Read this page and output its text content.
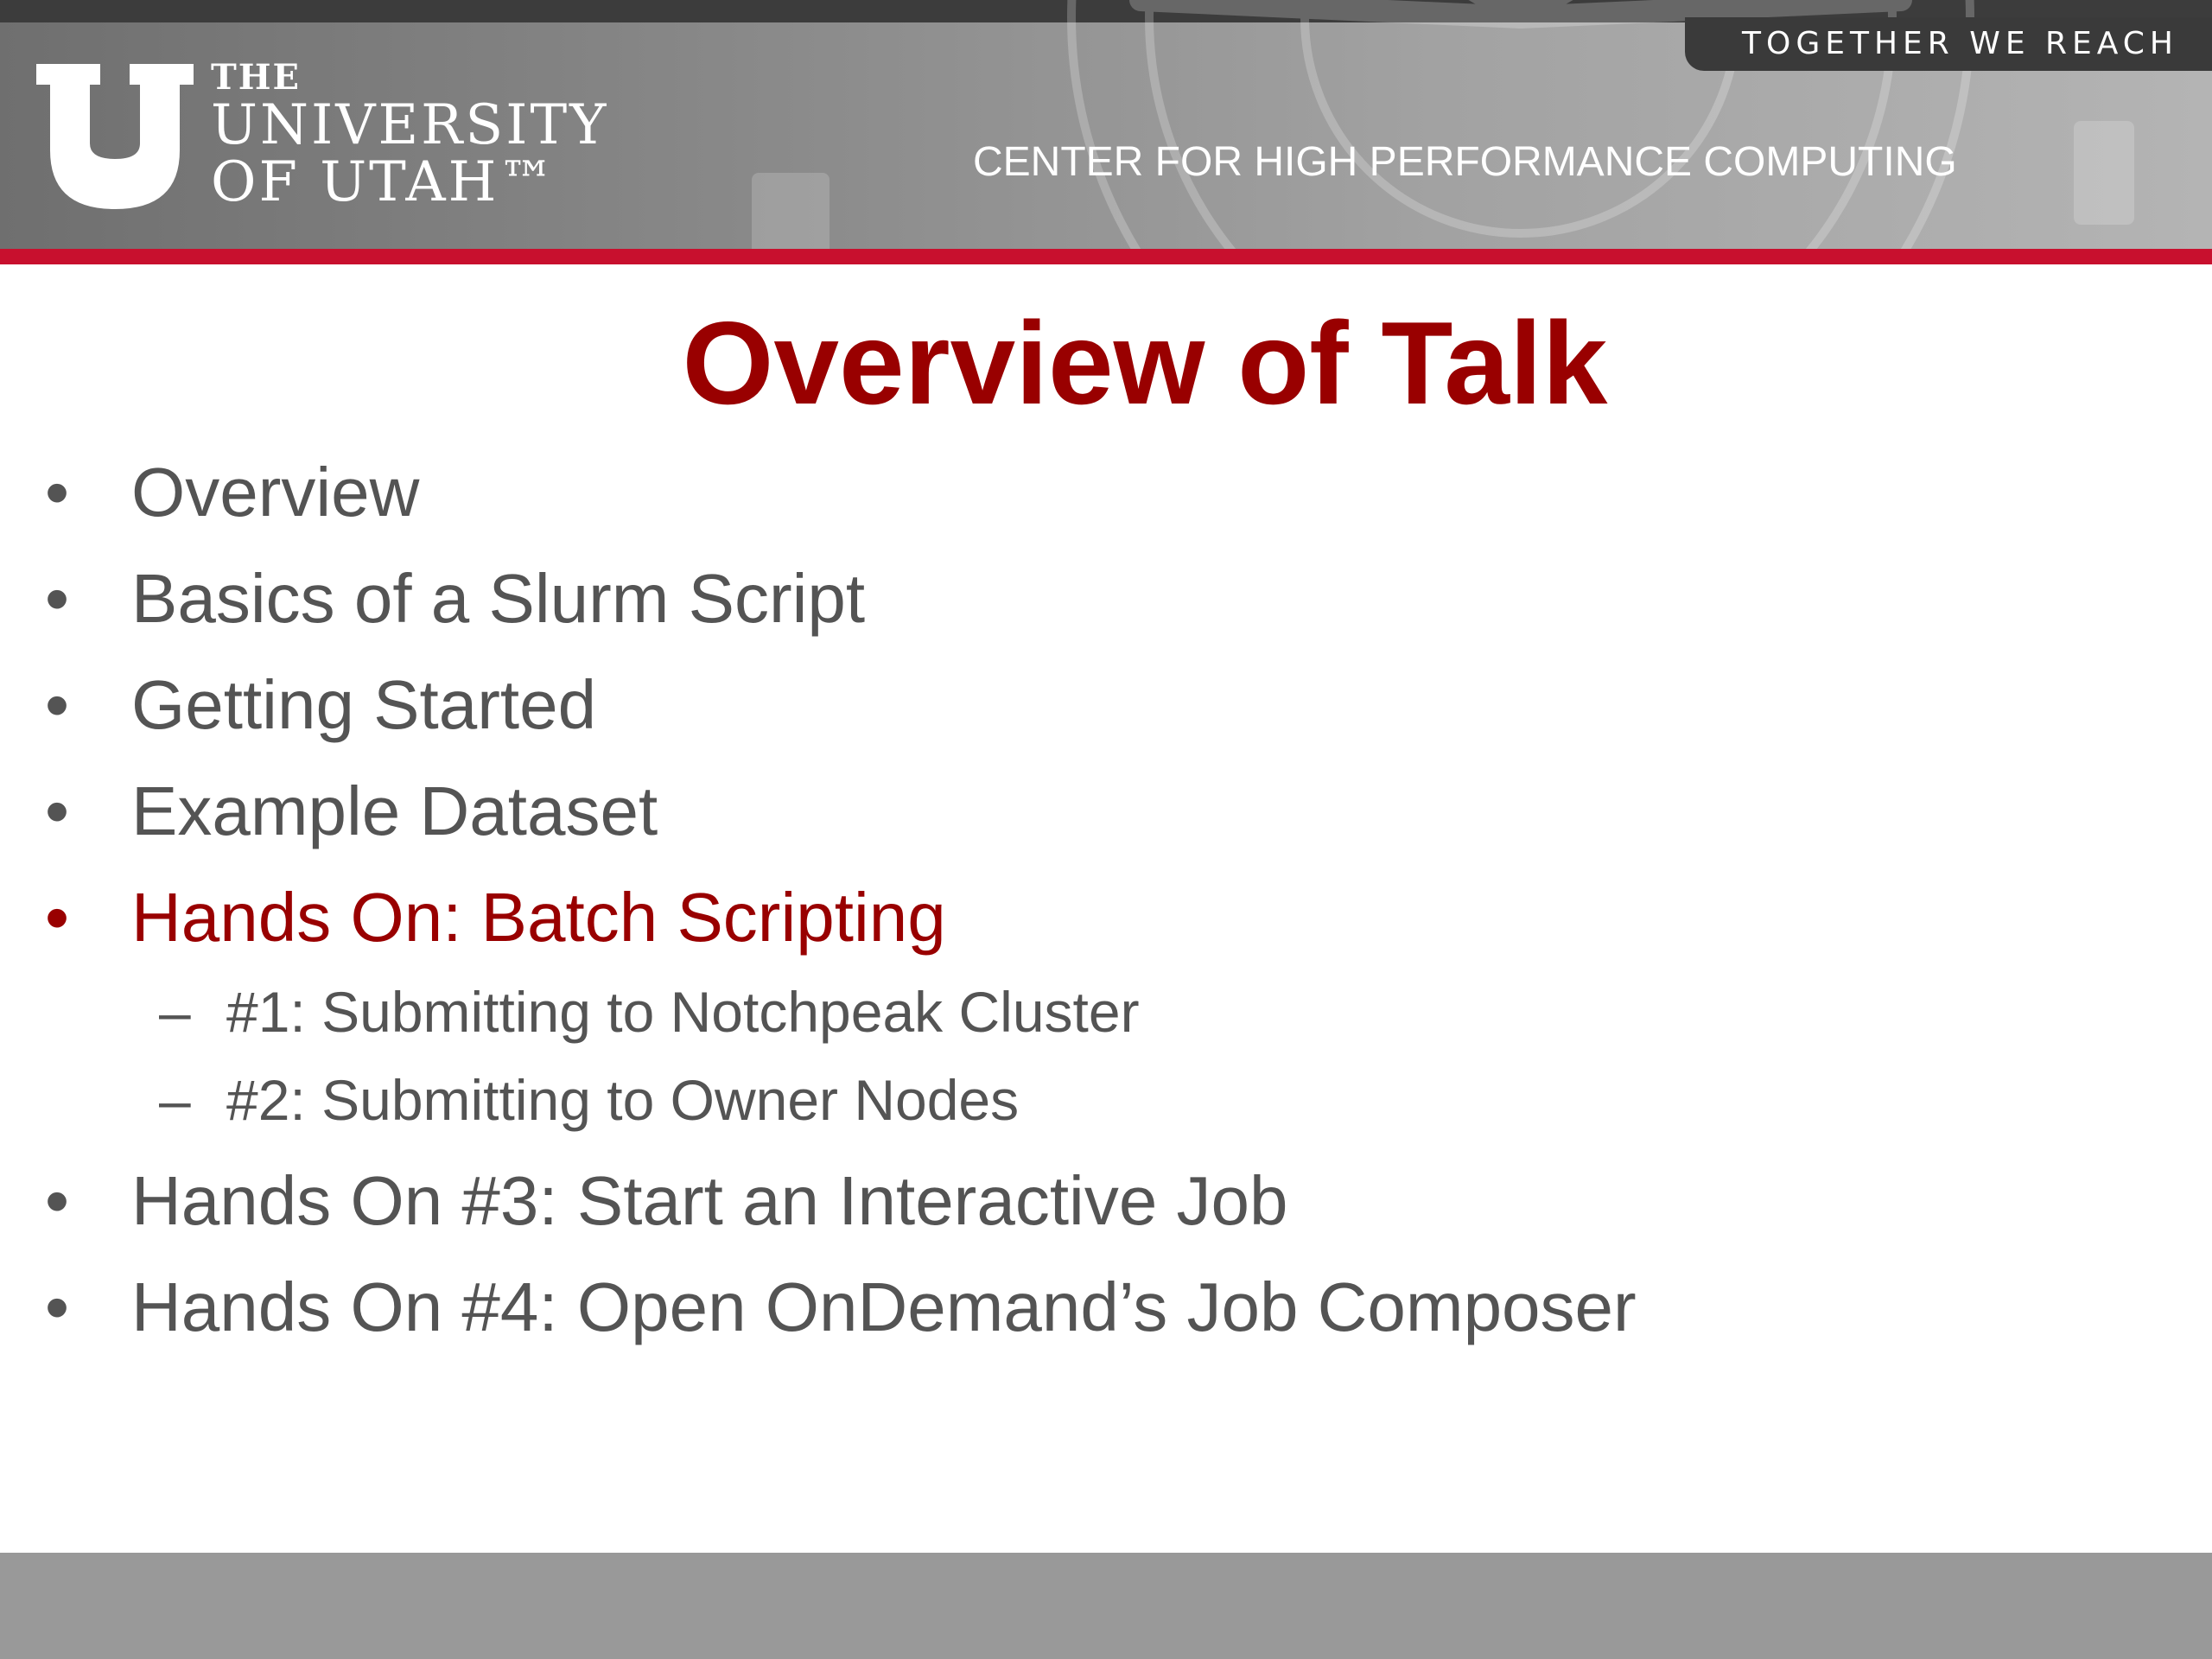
THE
UNIVERSITY
OF UTAH™	CENTER FOR HIGH PERFORMANCE COMPUTING
TOGETHER WE REACH
Overview of Talk
• Overview
• Basics of a Slurm Script
• Getting Started
• Example Dataset
• Hands On: Batch Scripting
– #1: Submitting to Notchpeak Cluster
– #2: Submitting to Owner Nodes
• Hands On #3: Start an Interactive Job
• Hands On #4: Open OnDemand’s Job Composer
